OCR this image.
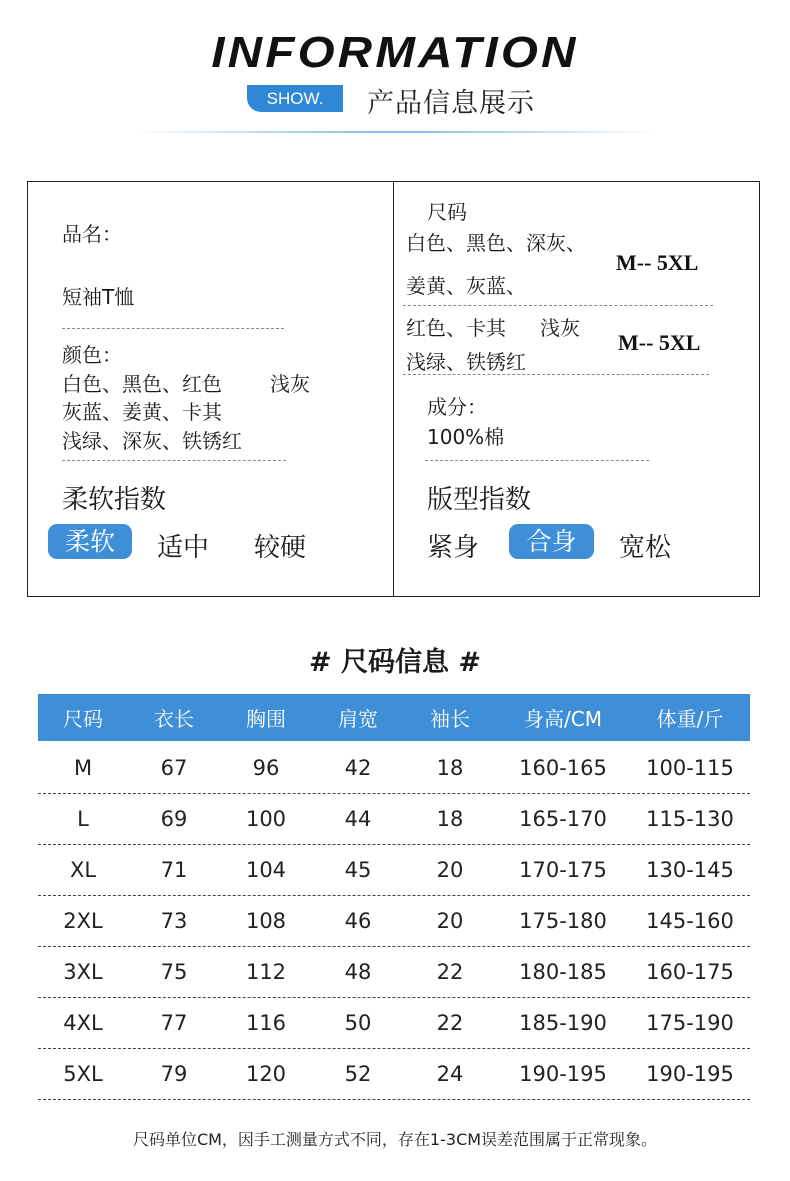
INFORMATION
SHOW.	产品信息展示
品名：
短袖T恤
颜色：
白色、黑色、红色 浅灰
灰蓝、姜黄、卡其
浅绿、深灰、铁锈红
柔软指数
柔软	适中 较硬
尺码
白色、黑色、深灰、
姜黄、灰蓝、
M-- 5XL
红色、卡其 浅灰
浅绿、铁锈红
M-- 5XL
成分：
100%棉
版型指数
紧身	合身	宽松
# 尺码信息 #
尺码	衣长	胸围	肩宽	袖长	身高/CM	体重/斤
M	67	96	42	18	160-165	100-115
L	69	100	44	18	165-170	115-130
XL	71	104	45	20	170-175	130-145
2XL	73	108	46	20	175-180	145-160
3XL	75	112	48	22	180-185	160-175
4XL	77	116	50	22	185-190	175-190
5XL	79	120	52	24	190-195	190-195
尺码单位CM，因手工测量方式不同，存在1-3CM误差范围属于正常现象。
